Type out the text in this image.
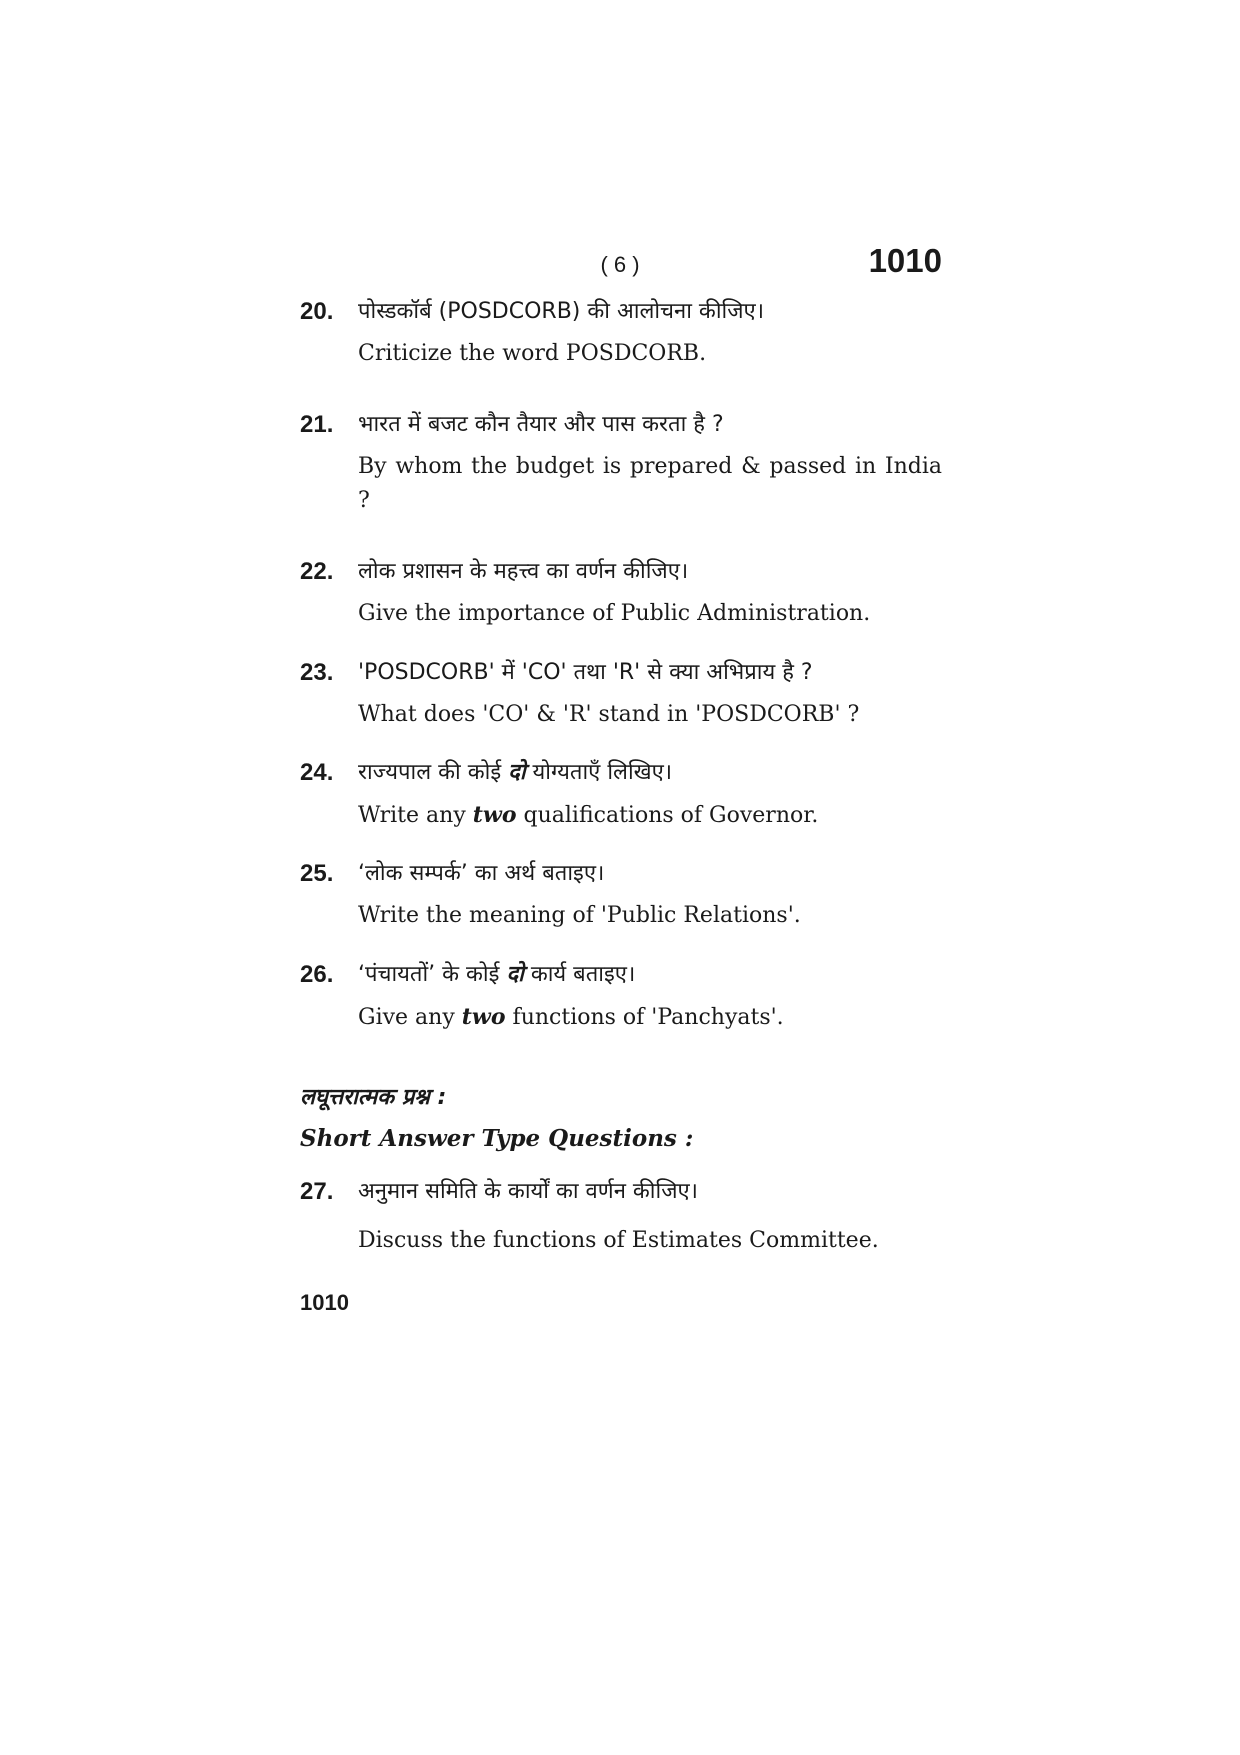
( 6 )	1010
20. पोस्डकॉर्ब (POSDCORB) की आलोचना कीजिए।
Criticize the word POSDCORB.
21. भारत में बजट कौन तैयार और पास करता है ?
By whom the budget is prepared & passed in India ?
22. लोक प्रशासन के महत्त्व का वर्णन कीजिए।
Give the importance of Public Administration.
23. 'POSDCORB' में 'CO' तथा 'R' से क्या अभिप्राय है ?
What does 'CO' & 'R' stand in 'POSDCORB' ?
24. राज्यपाल की कोई दो योग्यताएँ लिखिए।
Write any two qualifications of Governor.
25. ‘लोक सम्पर्क’ का अर्थ बताइए।
Write the meaning of 'Public Relations'.
26. ‘पंचायतों’ के कोई दो कार्य बताइए।
Give any two functions of 'Panchyats'.
लघूत्तरात्मक प्रश्न :
Short Answer Type Questions :
27. अनुमान समिति के कार्यों का वर्णन कीजिए।
Discuss the functions of Estimates Committee.
1010
